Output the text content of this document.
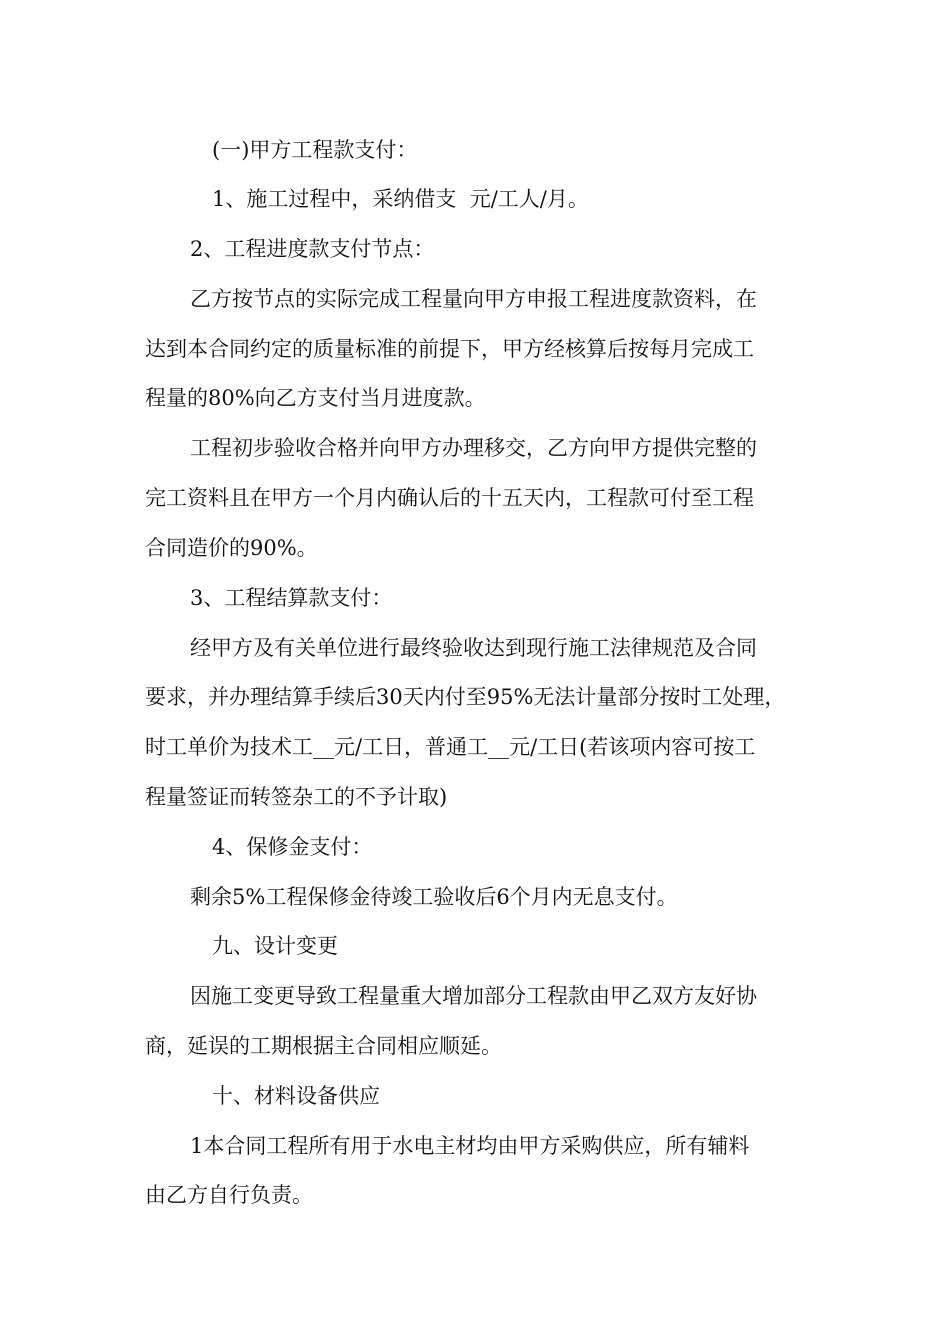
(一)甲方工程款支付：

1、施工过程中，采纳借支  元/工人/月。

2、工程进度款支付节点：

乙方按节点的实际完成工程量向甲方申报工程进度款资料，在

达到本合同约定的质量标准的前提下，甲方经核算后按每月完成工

程量的80%向乙方支付当月进度款。

工程初步验收合格并向甲方办理移交，乙方向甲方提供完整的

完工资料且在甲方一个月内确认后的十五天内，工程款可付至工程

合同造价的90%。

3、工程结算款支付：

经甲方及有关单位进行最终验收达到现行施工法律规范及合同

要求，并办理结算手续后30天内付至95%无法计量部分按时工处理，

时工单价为技术工__元/工日，普通工__元/工日(若该项内容可按工

程量签证而转签杂工的不予计取)

4、保修金支付：

剩余5%工程保修金待竣工验收后6个月内无息支付。

九、设计变更

因施工变更导致工程量重大增加部分工程款由甲乙双方友好协

商，延误的工期根据主合同相应顺延。

十、材料设备供应

1本合同工程所有用于水电主材均由甲方采购供应，所有辅料

由乙方自行负责。
